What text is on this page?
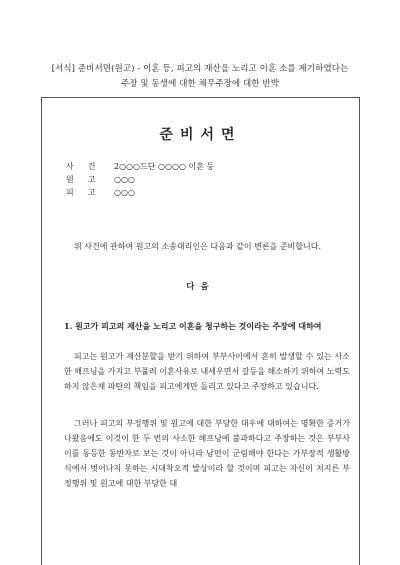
[서식] 준비서면(원고) - 이혼 등, 피고의 재산을 노리고 이혼 소를 제기하였다는
주장 및 동생에 대한 채무주장에 대한 반박
준비서면
사건 2○○○드단 ○○○○ 이혼 등
원고 ○○○
피고 ○○○
위 사건에 관하여 원고의 소송대리인은 다음과 같이 변론을 준비합니다.
다음
1. 원고가 피고의 재산을 노리고 이혼을 청구하는 것이라는 주장에 대하여
피고는 원고가 재산분할을 받기 위하여 부부사이에서 흔히 발생할 수 있는 사소한 해프닝을 가지고 부풀려 이혼사유로 내세우면서 갈등을 해소하기 위하여 노력도 하지 않은채 파탄의 책임을 피고에게만 돌리고 있다고 주장하고 있습니다.
그러나 피고의 부정행위 및 원고에 대한 부당한 대우에 대하여는 명확한 증거가 나왔음에도 이것이 한 두 번의 사소한 해프닝에 불과하다고 주장하는 것은 부부사이를 동등한 동반자로 보는 것이 아니라 남편이 군림해야 한다는 가부장적 생활방식에서 벗어나지 못하는 시대착오적 발상이라 할 것이며 피고는 자신이 저지른 부정행위 및 원고에 대한 부당한 대
